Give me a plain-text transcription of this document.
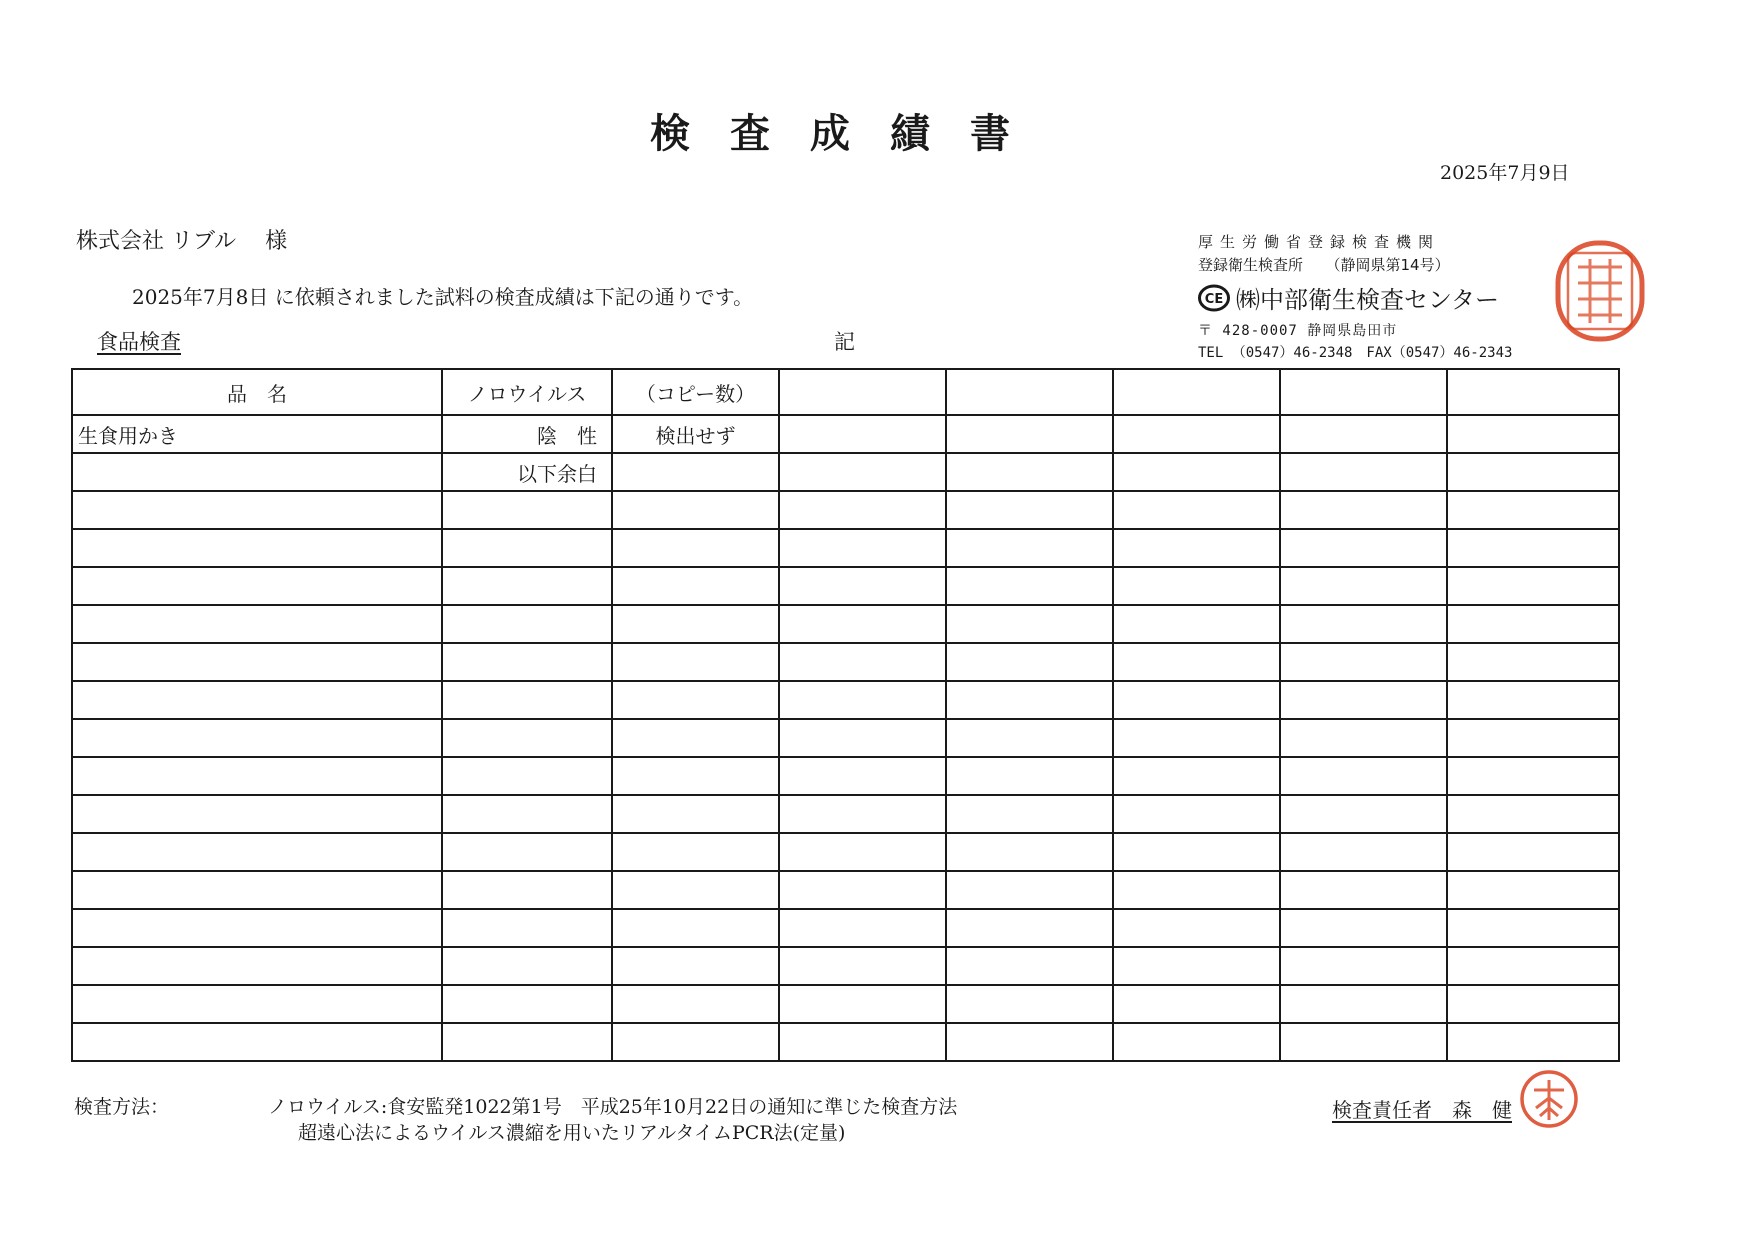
検査成績書
2025年7月9日
株式会社 リブル　 様
2025年7月8日 に依頼されました試料の検査成績は下記の通りです。
食品検査	記
厚生労働省登録検査機関
登録衛生検査所　　（静岡県第14号）
CE ㈱中部衛生検査センター
〒 428-0007 静岡県島田市
TEL （0547）46-2348　FAX（0547）46-2343
品　名	ノロウイルス	（コピー数）					
生食用かき	陰　性	検出せず					
	以下余白						

検査方法：	ノロウイルス:食安監発1022第1号　平成25年10月22日の通知に準じた検査方法
超遠心法によるウイルス濃縮を用いたリアルタイムPCR法(定量)
検査責任者　森　健
